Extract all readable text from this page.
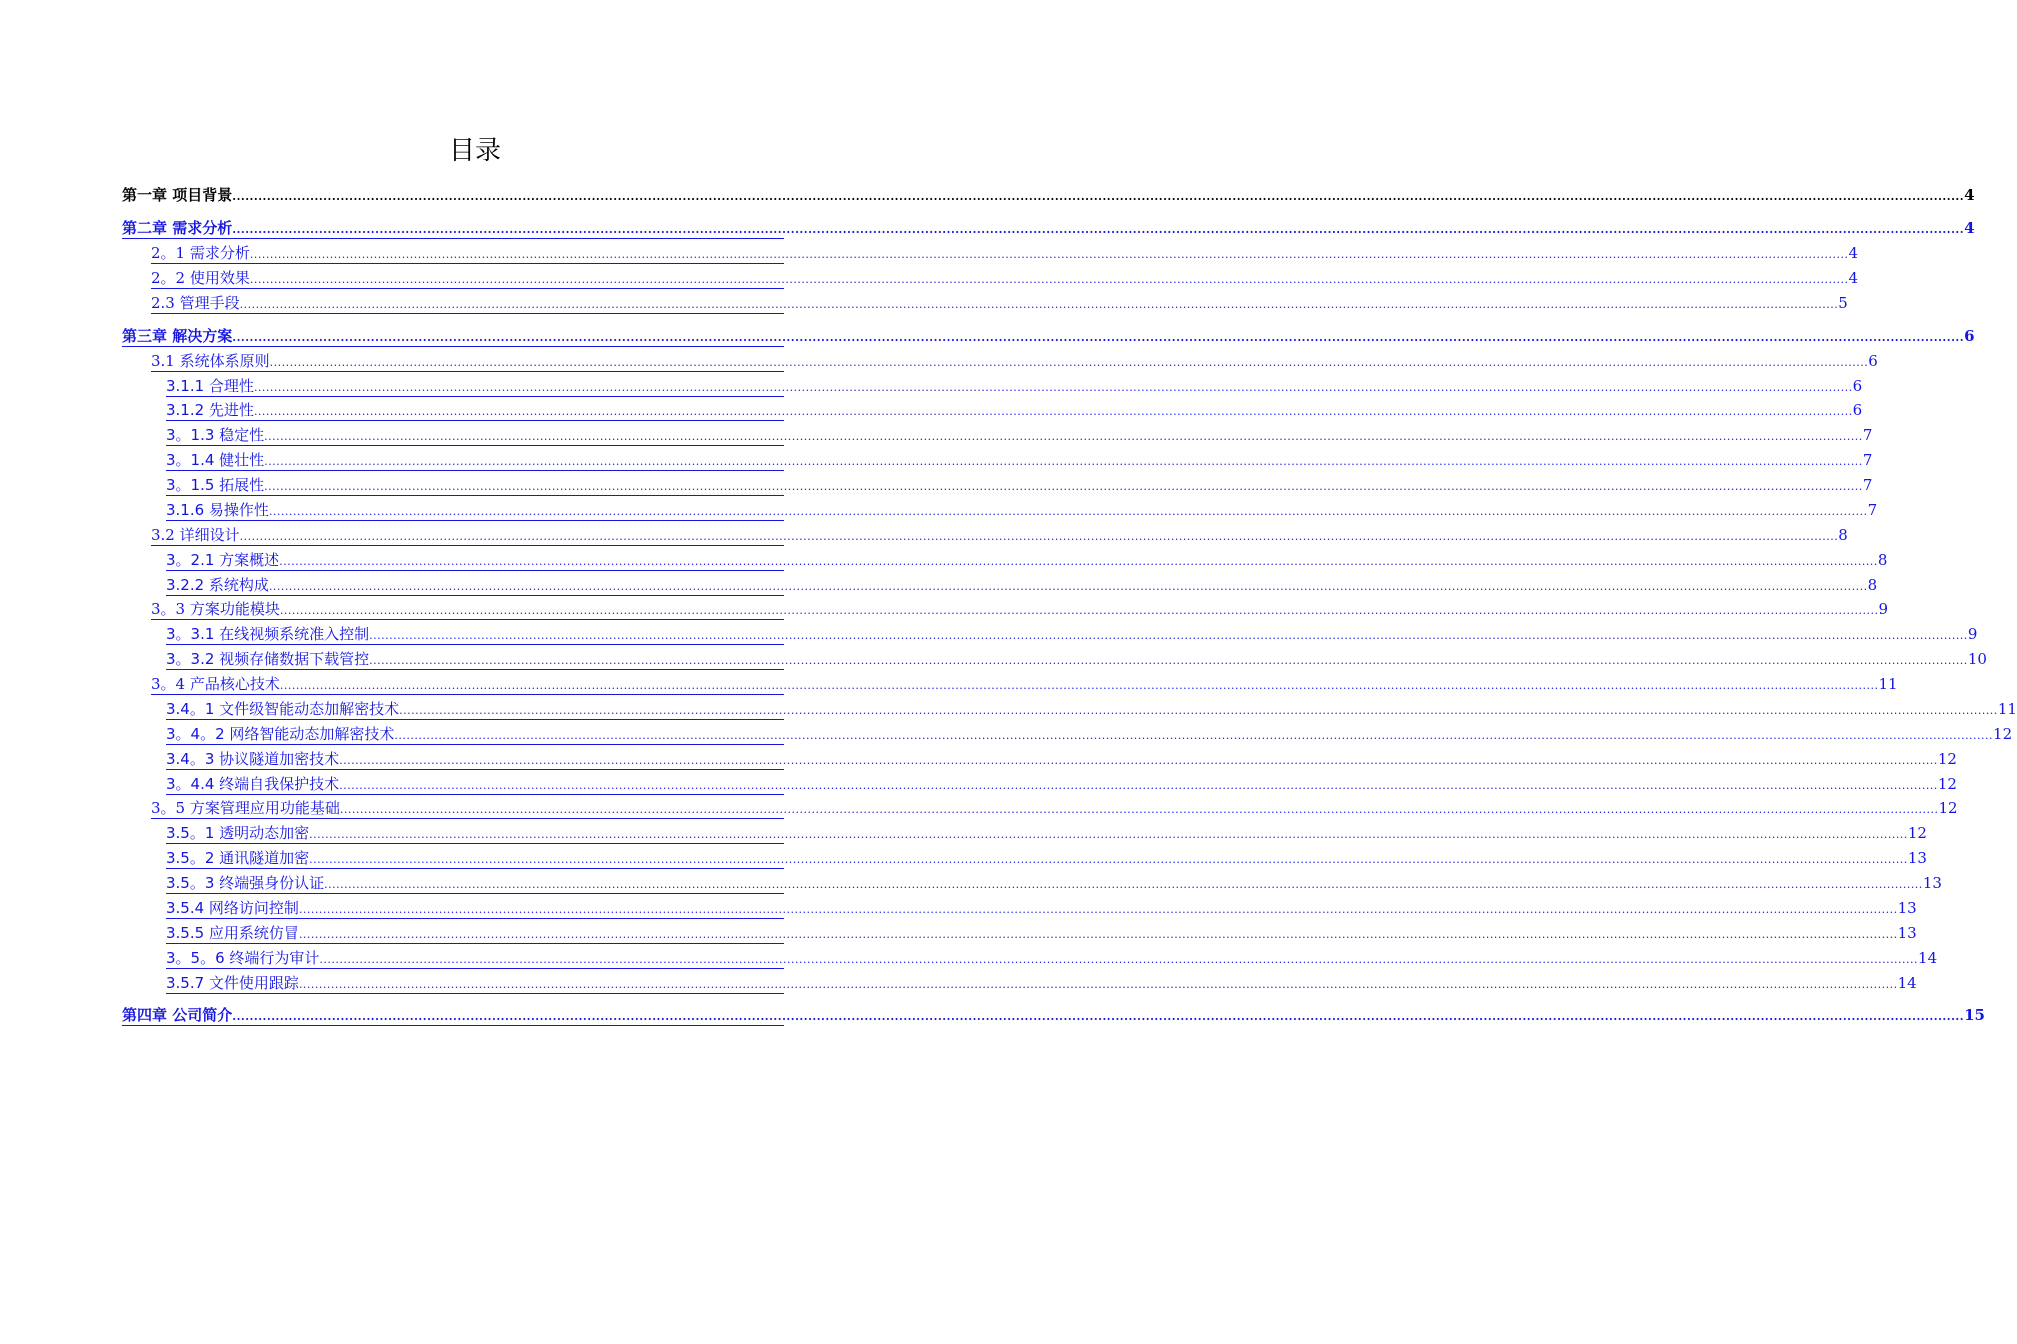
目录
第一章 项目背景 ................................................................................................................................................................................................................................................................................................................................................................................................................ 4
第二章 需求分析 ................................................................................................................................................................................................................................................................................................................................................................................................................ 4
2。1 需求分析 ................................................................................................................................................................................................................................................................................................................................................................................................................ 4
2。2 使用效果 ................................................................................................................................................................................................................................................................................................................................................................................................................ 4
2.3 管理手段 ................................................................................................................................................................................................................................................................................................................................................................................................................ 5
第三章 解决方案 ................................................................................................................................................................................................................................................................................................................................................................................................................ 6
3.1 系统体系原则 ................................................................................................................................................................................................................................................................................................................................................................................................................ 6
3.1.1 合理性 ................................................................................................................................................................................................................................................................................................................................................................................................................ 6
3.1.2 先进性 ................................................................................................................................................................................................................................................................................................................................................................................................................ 6
3。1.3 稳定性 ................................................................................................................................................................................................................................................................................................................................................................................................................ 7
3。1.4 健壮性 ................................................................................................................................................................................................................................................................................................................................................................................................................ 7
3。1.5 拓展性 ................................................................................................................................................................................................................................................................................................................................................................................................................ 7
3.1.6 易操作性 ................................................................................................................................................................................................................................................................................................................................................................................................................ 7
3.2 详细设计 ................................................................................................................................................................................................................................................................................................................................................................................................................ 8
3。2.1 方案概述 ................................................................................................................................................................................................................................................................................................................................................................................................................ 8
3.2.2 系统构成 ................................................................................................................................................................................................................................................................................................................................................................................................................ 8
3。3 方案功能模块 ................................................................................................................................................................................................................................................................................................................................................................................................................ 9
3。3.1 在线视频系统准入控制 ................................................................................................................................................................................................................................................................................................................................................................................................................ 9
3。3.2 视频存储数据下载管控 ................................................................................................................................................................................................................................................................................................................................................................................................................ 10
3。4 产品核心技术 ................................................................................................................................................................................................................................................................................................................................................................................................................ 11
3.4。1 文件级智能动态加解密技术 ................................................................................................................................................................................................................................................................................................................................................................................................................ 11
3。4。2 网络智能动态加解密技术 ................................................................................................................................................................................................................................................................................................................................................................................................................ 12
3.4。3 协议隧道加密技术 ................................................................................................................................................................................................................................................................................................................................................................................................................ 12
3。4.4 终端自我保护技术 ................................................................................................................................................................................................................................................................................................................................................................................................................ 12
3。5 方案管理应用功能基础 ................................................................................................................................................................................................................................................................................................................................................................................................................ 12
3.5。1 透明动态加密 ................................................................................................................................................................................................................................................................................................................................................................................................................ 12
3.5。2 通讯隧道加密 ................................................................................................................................................................................................................................................................................................................................................................................................................ 13
3.5。3 终端强身份认证 ................................................................................................................................................................................................................................................................................................................................................................................................................ 13
3.5.4 网络访问控制 ................................................................................................................................................................................................................................................................................................................................................................................................................ 13
3.5.5 应用系统仿冒 ................................................................................................................................................................................................................................................................................................................................................................................................................ 13
3。5。6 终端行为审计 ................................................................................................................................................................................................................................................................................................................................................................................................................ 14
3.5.7 文件使用跟踪 ................................................................................................................................................................................................................................................................................................................................................................................................................ 14
第四章 公司简介 ................................................................................................................................................................................................................................................................................................................................................................................................................ 15
